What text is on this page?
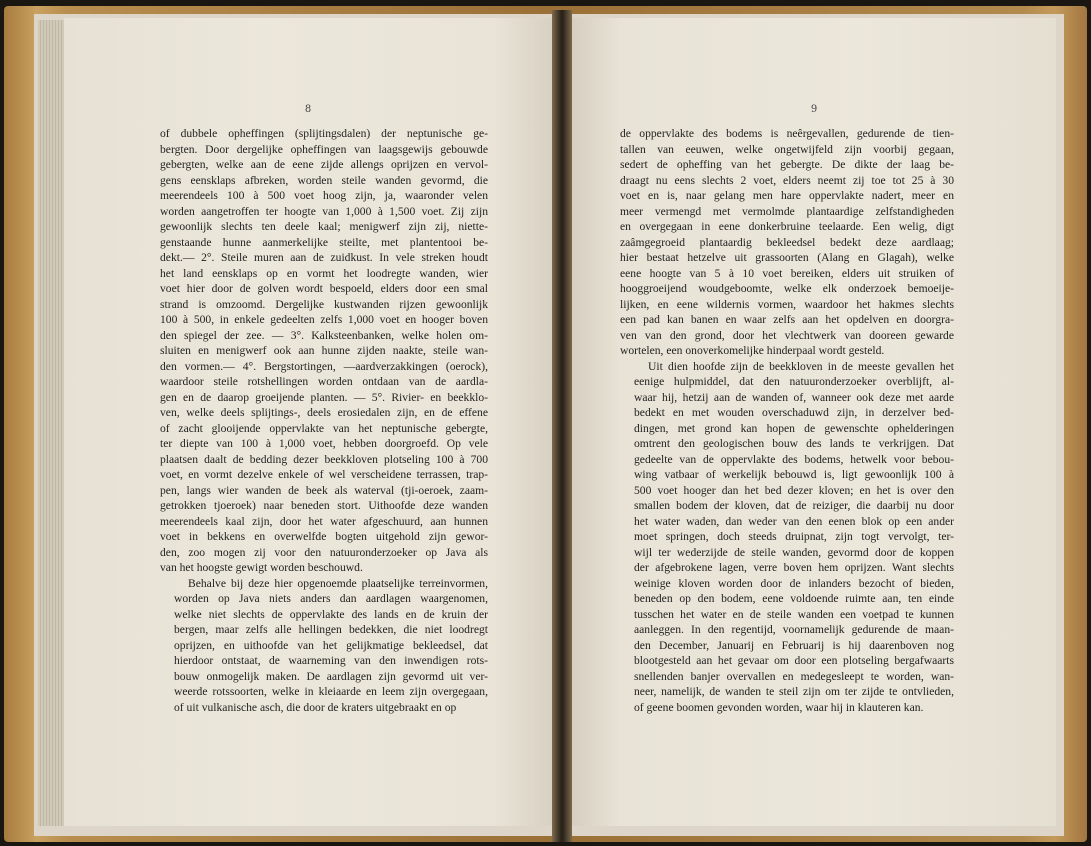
8

of dubbele opheffingen (splijtingsdalen) der neptunische ge-
bergten. Door dergelijke opheffingen van laagsgewijs gebouwde
gebergten, welke aan de eene zijde allengs oprijzen en vervol-
gens eensklaps afbreken, worden steile wanden gevormd, die
meerendeels 100 à 500 voet hoog zijn, ja, waaronder velen
worden aangetroffen ter hoogte van 1,000 à 1,500 voet. Zij zijn
gewoonlijk slechts ten deele kaal; menigwerf zijn zij, niette-
genstaande hunne aanmerkelijke steilte, met plantentooi be-
dekt.— 2°. Steile muren aan de zuidkust. In vele streken houdt
het land eensklaps op en vormt het loodregte wanden, wier
voet hier door de golven wordt bespoeld, elders door een smal
strand is omzoomd. Dergelijke kustwanden rijzen gewoonlijk
100 à 500, in enkele gedeelten zelfs 1,000 voet en hooger boven
den spiegel der zee. — 3°. Kalksteenbanken, welke holen om-
sluiten en menigwerf ook aan hunne zijden naakte, steile wan-
den vormen.— 4°. Bergstortingen, —aardverzakkingen (oerock),
waardoor steile rotshellingen worden ontdaan van de aardla-
gen en de daarop groeijende planten. — 5°. Rivier- en beekklo-
ven, welke deels splijtings-, deels erosiedalen zijn, en de effene
of zacht glooijende oppervlakte van het neptunische gebergte,
ter diepte van 100 à 1,000 voet, hebben doorgroefd. Op vele
plaatsen daalt de bedding dezer beekkloven plotseling 100 à 700
voet, en vormt dezelve enkele of wel verscheidene terrassen, trap-
pen, langs wier wanden de beek als waterval (tji-oeroek, zaam-
getrokken tjoeroek) naar beneden stort. Uithoofde deze wanden
meerendeels kaal zijn, door het water afgeschuurd, aan hunnen
voet in bekkens en overwelfde bogten uitgehold zijn gewor-
den, zoo mogen zij voor den natuuronderzoeker op Java als
van het hoogste gewigt worden beschouwd.

Behalve bij deze hier opgenoemde plaatselijke terreinvormen,
worden op Java niets anders dan aardlagen waargenomen,
welke niet slechts de oppervlakte des lands en de kruin der
bergen, maar zelfs alle hellingen bedekken, die niet loodregt
oprijzen, en uithoofde van het gelijkmatige bekleedsel, dat
hierdoor ontstaat, de waarneming van den inwendigen rots-
bouw onmogelijk maken. De aardlagen zijn gevormd uit ver-
weerde rotssoorten, welke in kleiaarde en leem zijn overgegaan,
of uit vulkanische asch, die door de kraters uitgebraakt en op

9

de oppervlakte des bodems is neêrgevallen, gedurende de tien-
tallen van eeuwen, welke ongetwijfeld zijn voorbij gegaan,
sedert de opheffing van het gebergte. De dikte der laag be-
draagt nu eens slechts 2 voet, elders neemt zij toe tot 25 à 30
voet en is, naar gelang men hare oppervlakte nadert, meer en
meer vermengd met vermolmde plantaardige zelfstandigheden
en overgegaan in eene donkerbruine teelaarde. Een welig, digt
zaâmgegroeid plantaardig bekleedsel bedekt deze aardlaag;
hier bestaat hetzelve uit grassoorten (Alang en Glagah), welke
eene hoogte van 5 à 10 voet bereiken, elders uit struiken of
hooggroeijend woudgeboomte, welke elk onderzoek bemoeije-
lijken, en eene wildernis vormen, waardoor het hakmes slechts
een pad kan banen en waar zelfs aan het opdelven en doorgra-
ven van den grond, door het vlechtwerk van dooreen gewarde
wortelen, een onoverkomelijke hinderpaal wordt gesteld.

Uit dien hoofde zijn de beekkloven in de meeste gevallen het
eenige hulpmiddel, dat den natuuronderzoeker overblijft, al-
waar hij, hetzij aan de wanden of, wanneer ook deze met aarde
bedekt en met wouden overschaduwd zijn, in derzelver bed-
dingen, met grond kan hopen de gewenschte ophelderingen
omtrent den geologischen bouw des lands te verkrijgen. Dat
gedeelte van de oppervlakte des bodems, hetwelk voor bebou-
wing vatbaar of werkelijk bebouwd is, ligt gewoonlijk 100 à
500 voet hooger dan het bed dezer kloven; en het is over den
smallen bodem der kloven, dat de reiziger, die daarbij nu door
het water waden, dan weder van den eenen blok op een ander
moet springen, doch steeds druipnat, zijn togt vervolgt, ter-
wijl ter wederzijde de steile wanden, gevormd door de koppen
der afgebrokene lagen, verre boven hem oprijzen. Want slechts
weinige kloven worden door de inlanders bezocht of bieden,
beneden op den bodem, eene voldoende ruimte aan, ten einde
tusschen het water en de steile wanden een voetpad te kunnen
aanleggen. In den regentijd, voornamelijk gedurende de maan-
den December, Januarij en Februarij is hij daarenboven nog
blootgesteld aan het gevaar om door een plotseling bergafwaarts
snellenden banjer overvallen en medegesleept te worden, wan-
neer, namelijk, de wanden te steil zijn om ter zijde te ontvlieden,
of geene boomen gevonden worden, waar hij in klauteren kan.
